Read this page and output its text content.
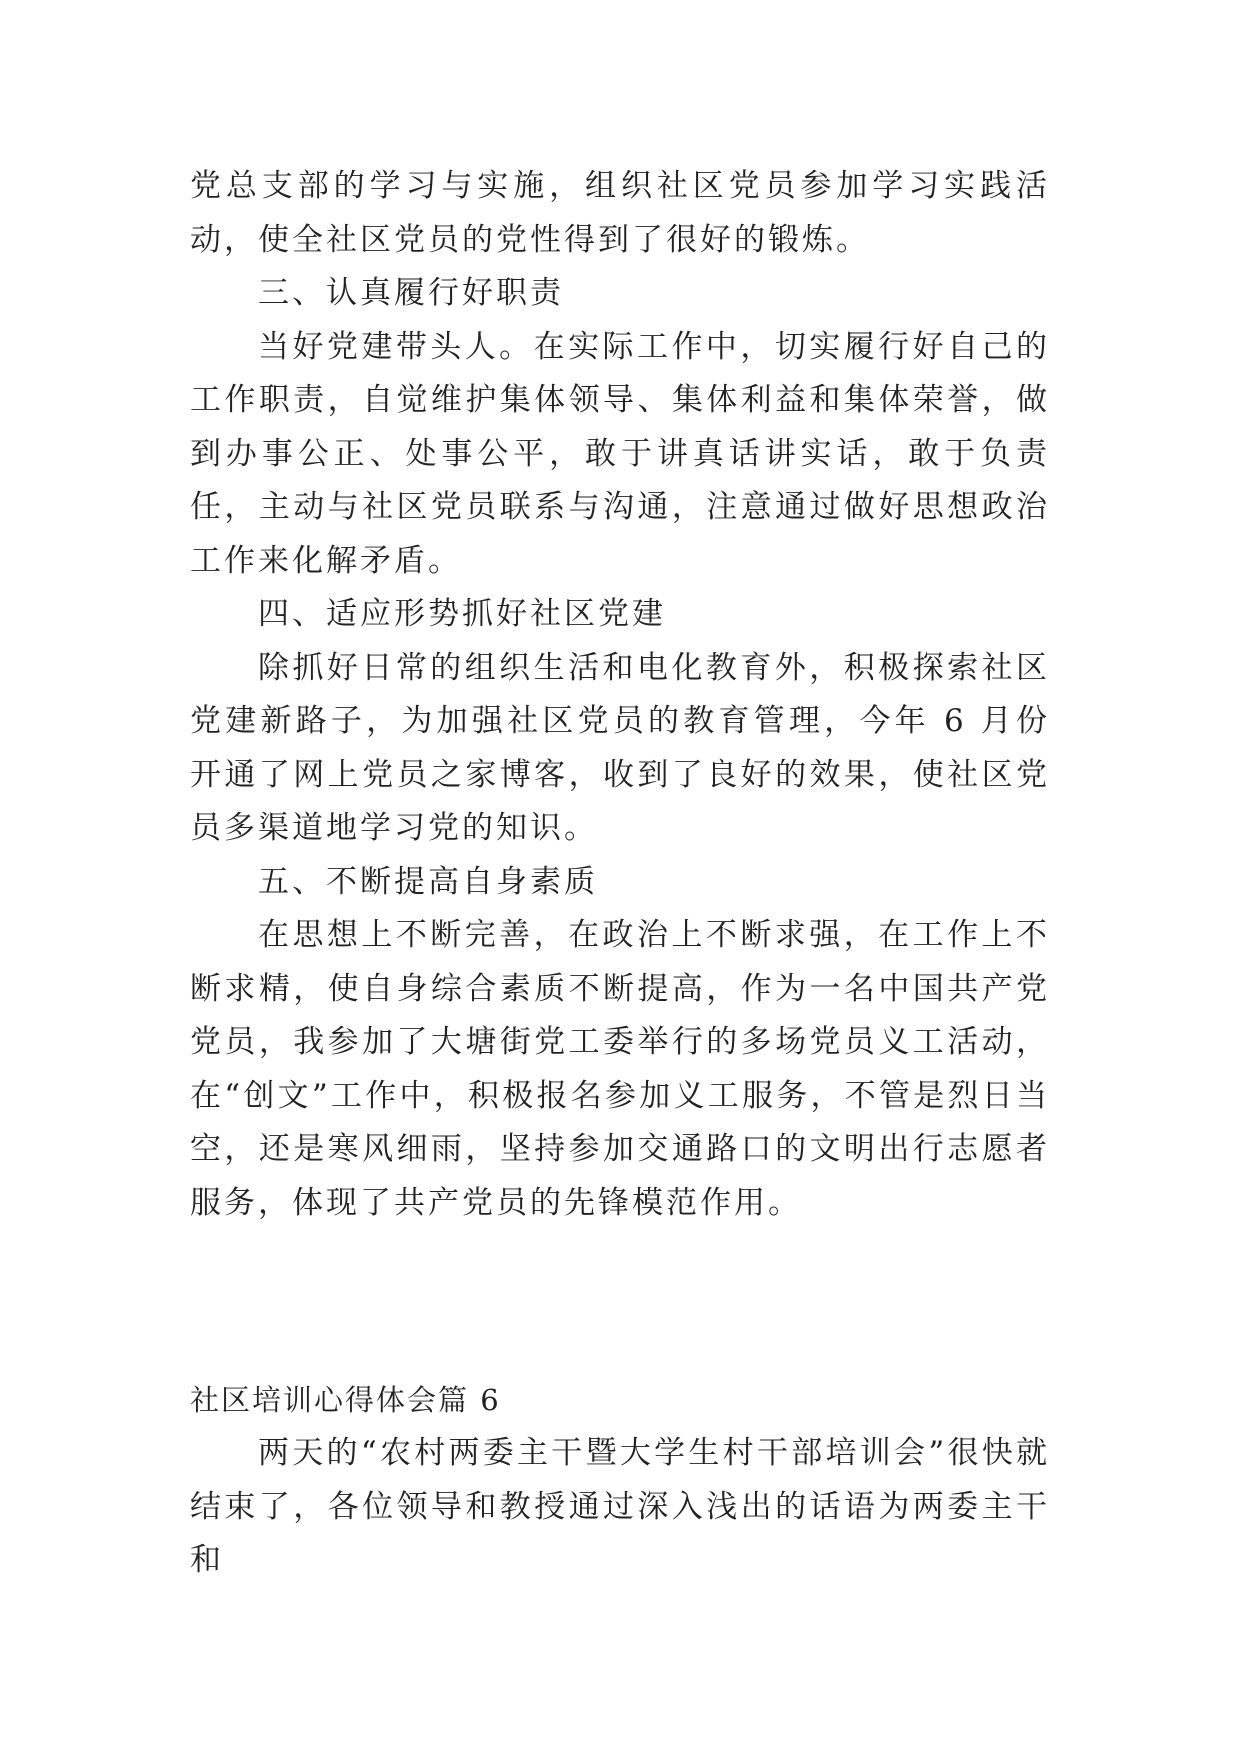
党总支部的学习与实施，组织社区党员参加学习实践活动，使全社区党员的党性得到了很好的锻炼。

三、认真履行好职责

当好党建带头人。在实际工作中，切实履行好自己的工作职责，自觉维护集体领导、集体利益和集体荣誉，做到办事公正、处事公平，敢于讲真话讲实话，敢于负责任，主动与社区党员联系与沟通，注意通过做好思想政治工作来化解矛盾。

四、适应形势抓好社区党建

除抓好日常的组织生活和电化教育外，积极探索社区党建新路子，为加强社区党员的教育管理，今年 6 月份开通了网上党员之家博客，收到了良好的效果，使社区党员多渠道地学习党的知识。

五、不断提高自身素质

在思想上不断完善，在政治上不断求强，在工作上不断求精，使自身综合素质不断提高，作为一名中国共产党党员，我参加了大塘街党工委举行的多场党员义工活动，在“创文”工作中，积极报名参加义工服务，不管是烈日当空，还是寒风细雨，坚持参加交通路口的文明出行志愿者服务，体现了共产党员的先锋模范作用。

社区培训心得体会篇 6

两天的“农村两委主干暨大学生村干部培训会”很快就结束了，各位领导和教授通过深入浅出的话语为两委主干和
